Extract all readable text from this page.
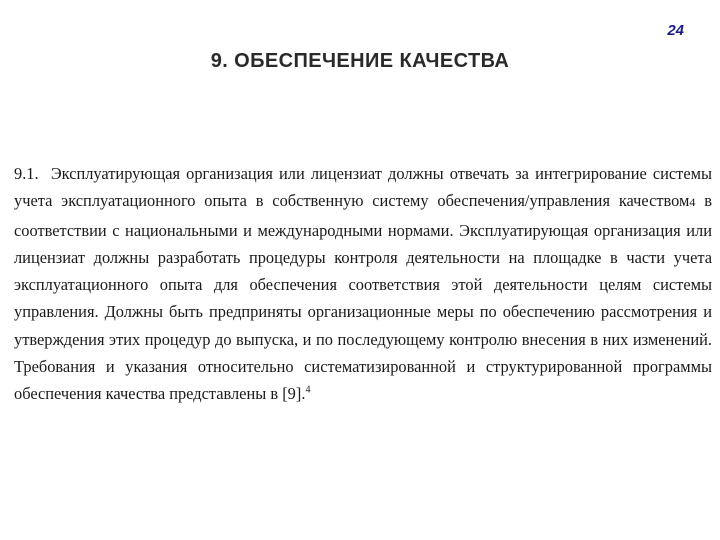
24
9. ОБЕСПЕЧЕНИЕ КАЧЕСТВА

9.1. Эксплуатирующая организация или лицензиат должны отвечать за интегрирование системы учета эксплуатационного опыта в собственную систему обеспечения/управления качеством4 в соответствии с национальными и международными нормами. Эксплуатирующая организация или лицензиат должны разработать процедуры контроля деятельности на площадке в части учета эксплуатационного опыта для обеспечения соответствия этой деятельности целям системы управления. Должны быть предприняты организационные меры по обеспечению рассмотрения и утверждения этих процедур до выпуска, и по последующему контролю внесения в них изменений. Требования и указания относительно систематизированной и структурированной программы обеспечения качества представлены в [9].$^4$
